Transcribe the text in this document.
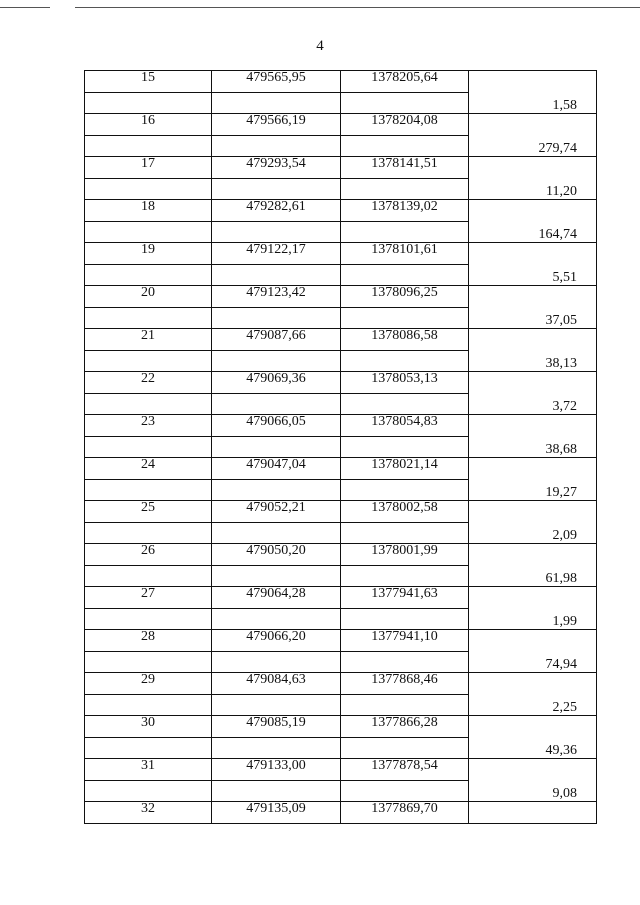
4
15	479565,95	1378205,64	
			1,58
16	479566,19	1378204,08	
			279,74
17	479293,54	1378141,51	
			11,20
18	479282,61	1378139,02	
			164,74
19	479122,17	1378101,61	
			5,51
20	479123,42	1378096,25	
			37,05
21	479087,66	1378086,58	
			38,13
22	479069,36	1378053,13	
			3,72
23	479066,05	1378054,83	
			38,68
24	479047,04	1378021,14	
			19,27
25	479052,21	1378002,58	
			2,09
26	479050,20	1378001,99	
			61,98
27	479064,28	1377941,63	
			1,99
28	479066,20	1377941,10	
			74,94
29	479084,63	1377868,46	
			2,25
30	479085,19	1377866,28	
			49,36
31	479133,00	1377878,54	
			9,08
32	479135,09	1377869,70	
